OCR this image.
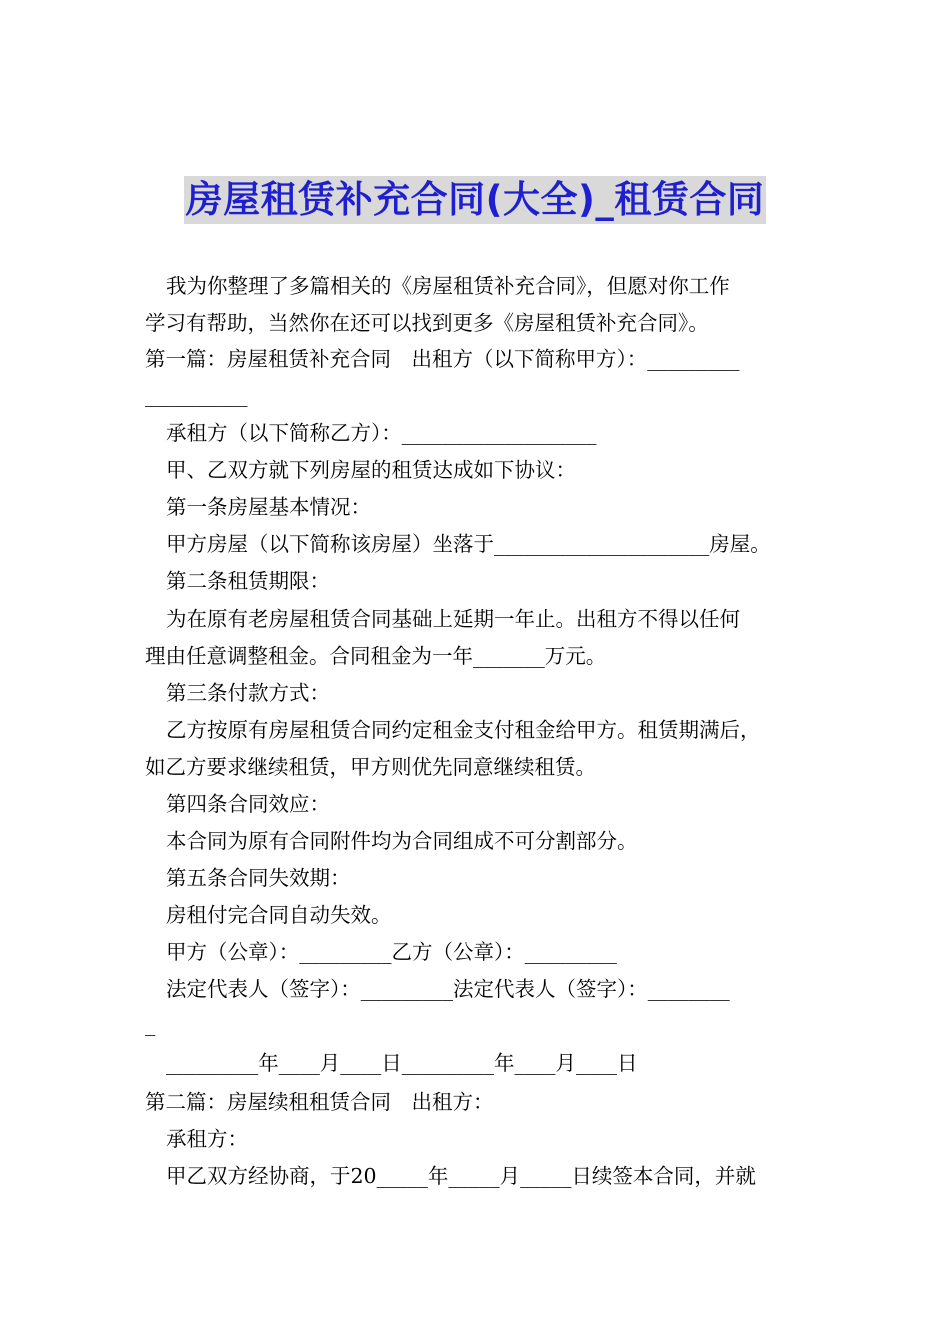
房屋租赁补充合同(大全)_租赁合同
我为你整理了多篇相关的《房屋租赁补充合同》，但愿对你工作
学习有帮助，当然你在还可以找到更多《房屋租赁补充合同》。
第一篇：房屋租赁补充合同　出租方（以下简称甲方）：_________
__________
承租方（以下简称乙方）：___________________
甲、乙双方就下列房屋的租赁达成如下协议：
第一条房屋基本情况：
甲方房屋（以下简称该房屋）坐落于_____________________房屋。
第二条租赁期限：
为在原有老房屋租赁合同基础上延期一年止。出租方不得以任何
理由任意调整租金。合同租金为一年_______万元。
第三条付款方式：
乙方按原有房屋租赁合同约定租金支付租金给甲方。租赁期满后，
如乙方要求继续租赁，甲方则优先同意继续租赁。
第四条合同效应：
本合同为原有合同附件均为合同组成不可分割部分。
第五条合同失效期：
房租付完合同自动失效。
甲方（公章）：_________乙方（公章）：_________
法定代表人（签字）：_________法定代表人（签字）：________
_
_________年____月____日_________年____月____日
第二篇：房屋续租租赁合同　出租方：
承租方：
甲乙双方经协商，于20_____年_____月_____日续签本合同，并就
